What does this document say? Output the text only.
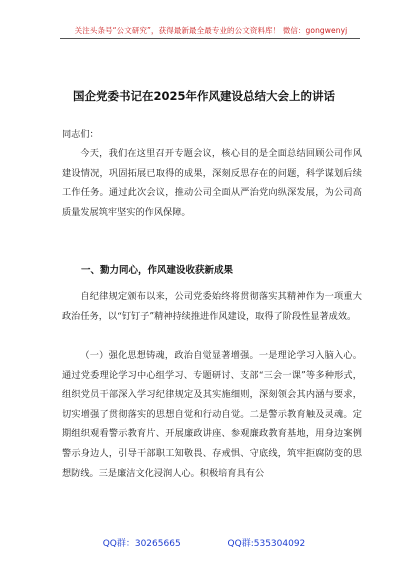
关注头条号“公文研究”，获得最新最全最专业的公文资料库！ 微信：gongwenyj
国企党委书记在2025年作风建设总结大会上的讲话
同志们：
今天，我们在这里召开专题会议，核心目的是全面总结回顾公司作风建设情况，巩固拓展已取得的成果，深刻反思存在的问题，科学谋划后续工作任务。通过此次会议，推动公司全面从严治党向纵深发展，为公司高质量发展筑牢坚实的作风保障。
一、勠力同心，作风建设收获新成果
自纪律规定颁布以来，公司党委始终将贯彻落实其精神作为一项重大政治任务，以“钉钉子”精神持续推进作风建设，取得了阶段性显著成效。
（一）强化思想铸魂，政治自觉显著增强。一是理论学习入脑入心。通过党委理论学习中心组学习、专题研讨、支部“三会一课”等多种形式，组织党员干部深入学习纪律规定及其实施细则，深刻领会其内涵与要求，切实增强了贯彻落实的思想自觉和行动自觉。二是警示教育触及灵魂。定期组织观看警示教育片、开展廉政讲座、参观廉政教育基地，用身边案例警示身边人，引导干部职工知敬畏、存戒惧、守底线，筑牢拒腐防变的思想防线。三是廉洁文化浸润人心。积极培育具有公
QQ群：30265665	QQ群:535304092
